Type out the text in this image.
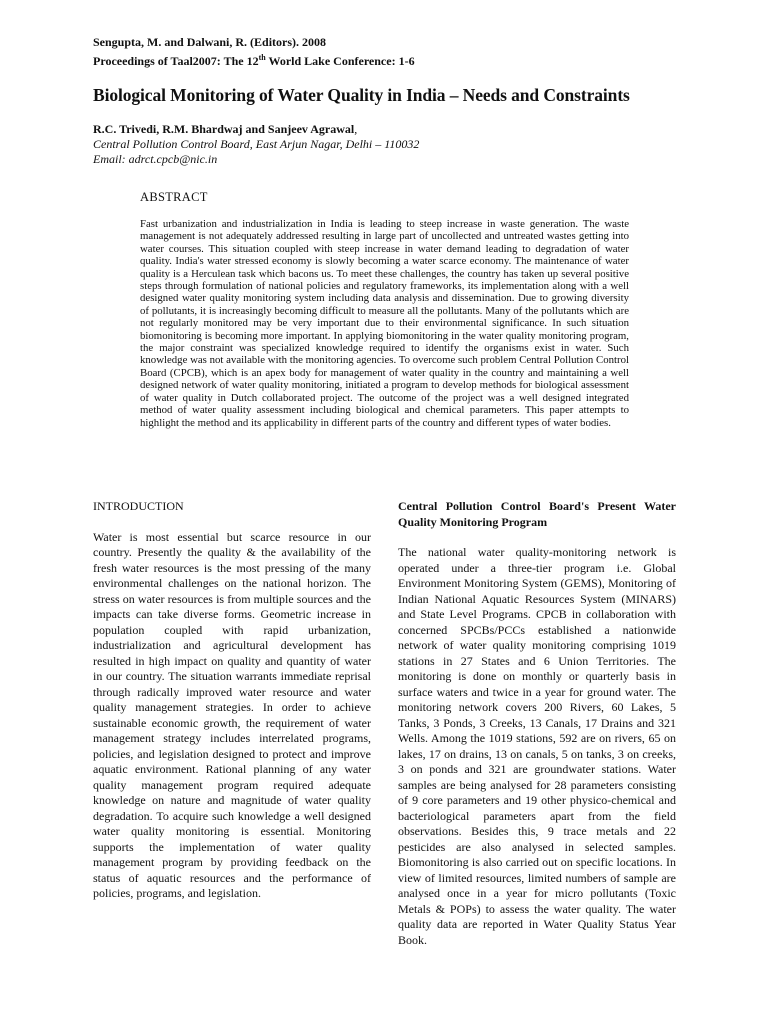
Sengupta, M. and Dalwani, R. (Editors). 2008
Proceedings of Taal2007: The 12th World Lake Conference: 1-6
Biological Monitoring of Water Quality in India – Needs and Constraints
R.C. Trivedi, R.M. Bhardwaj and Sanjeev Agrawal,
Central Pollution Control Board, East Arjun Nagar, Delhi – 110032
Email: adrct.cpcb@nic.in
ABSTRACT
Fast urbanization and industrialization in India is leading to steep increase in waste generation. The waste management is not adequately addressed resulting in large part of uncollected and untreated wastes getting into water courses. This situation coupled with steep increase in water demand leading to degradation of water quality. India's water stressed economy is slowly becoming a water scarce economy. The maintenance of water quality is a Herculean task which bacons us. To meet these challenges, the country has taken up several positive steps through formulation of national policies and regulatory frameworks, its implementation along with a well designed water quality monitoring system including data analysis and dissemination. Due to growing diversity of pollutants, it is increasingly becoming difficult to measure all the pollutants. Many of the pollutants which are not regularly monitored may be very important due to their environmental significance. In such situation biomonitoring is becoming more important. In applying biomonitoring in the water quality monitoring program, the major constraint was specialized knowledge required to identify the organisms exist in water. Such knowledge was not available with the monitoring agencies. To overcome such problem Central Pollution Control Board (CPCB), which is an apex body for management of water quality in the country and maintaining a well designed network of water quality monitoring, initiated a program to develop methods for biological assessment of water quality in Dutch collaborated project. The outcome of the project was a well designed integrated method of water quality assessment including biological and chemical parameters. This paper attempts to highlight the method and its applicability in different parts of the country and different types of water bodies.
INTRODUCTION

Water is most essential but scarce resource in our country. Presently the quality & the availability of the fresh water resources is the most pressing of the many environmental challenges on the national horizon. The stress on water resources is from multiple sources and the impacts can take diverse forms. Geometric increase in population coupled with rapid urbanization, industrialization and agricultural development has resulted in high impact on quality and quantity of water in our country. The situation warrants immediate reprisal through radically improved water resource and water quality management strategies. In order to achieve sustainable economic growth, the requirement of water management strategy includes interrelated programs, policies, and legislation designed to protect and improve aquatic environment. Rational planning of any water quality management program required adequate knowledge on nature and magnitude of water quality degradation. To acquire such knowledge a well designed water quality monitoring is essential. Monitoring supports the implementation of water quality management program by providing feedback on the status of aquatic resources and the performance of policies, programs, and legislation.

Central Pollution Control Board's Present Water Quality Monitoring Program

The national water quality-monitoring network is operated under a three-tier program i.e. Global Environment Monitoring System (GEMS), Monitoring of Indian National Aquatic Resources System (MINARS) and State Level Programs. CPCB in collaboration with concerned SPCBs/PCCs established a nationwide network of water quality monitoring comprising 1019 stations in 27 States and 6 Union Territories. The monitoring is done on monthly or quarterly basis in surface waters and twice in a year for ground water. The monitoring network covers 200 Rivers, 60 Lakes, 5 Tanks, 3 Ponds, 3 Creeks, 13 Canals, 17 Drains and 321 Wells. Among the 1019 stations, 592 are on rivers, 65 on lakes, 17 on drains, 13 on canals, 5 on tanks, 3 on creeks, 3 on ponds and 321 are groundwater stations. Water samples are being analysed for 28 parameters consisting of 9 core parameters and 19 other physico-chemical and bacteriological parameters apart from the field observations. Besides this, 9 trace metals and 22 pesticides are also analysed in selected samples. Biomonitoring is also carried out on specific locations. In view of limited resources, limited numbers of sample are analysed once in a year for micro pollutants (Toxic Metals & POPs) to assess the water quality. The water quality data are reported in Water Quality Status Year Book.
